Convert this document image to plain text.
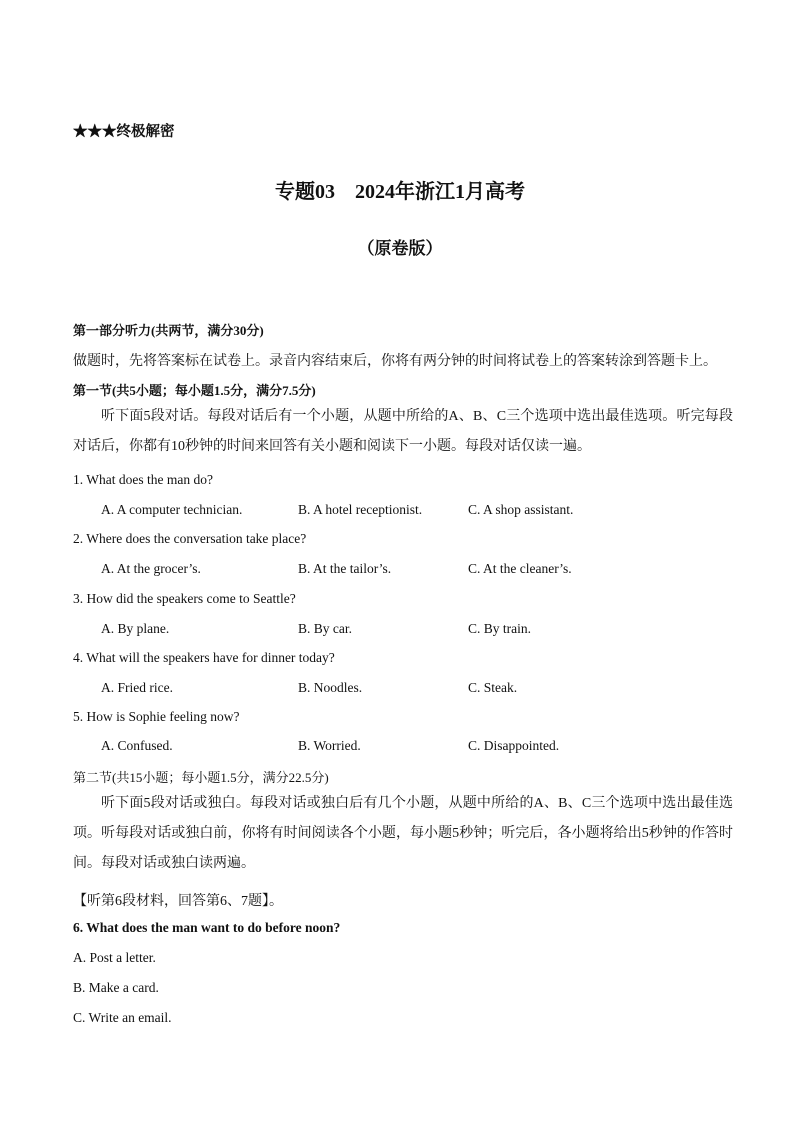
★★★终极解密
专题03　2024年浙江1月高考
（原卷版）
第一部分听力(共两节，满分30分)
做题时，先将答案标在试卷上。录音内容结束后，你将有两分钟的时间将试卷上的答案转涂到答题卡上。
第一节(共5小题；每小题1.5分，满分7.5分)
听下面5段对话。每段对话后有一个小题，从题中所给的A、B、C三个选项中选出最佳选项。听完每段对话后，你都有10秒钟的时间来回答有关小题和阅读下一小题。每段对话仅读一遍。
1. What does the man do?
A. A computer technician.	B. A hotel receptionist.	C. A shop assistant.
2. Where does the conversation take place?
A. At the grocer’s.	B. At the tailor’s.	C. At the cleaner’s.
3. How did the speakers come to Seattle?
A. By plane.	B. By car.	C. By train.
4. What will the speakers have for dinner today?
A. Fried rice.	B. Noodles.	C. Steak.
5. How is Sophie feeling now?
A. Confused.	B. Worried.	C. Disappointed.
第二节(共15小题；每小题1.5分，满分22.5分)
听下面5段对话或独白。每段对话或独白后有几个小题，从题中所给的A、B、C三个选项中选出最佳选项。听每段对话或独白前，你将有时间阅读各个小题，每小题5秒钟；听完后，各小题将给出5秒钟的作答时间。每段对话或独白读两遍。
【听第6段材料，回答第6、7题】。
6. What does the man want to do before noon?
A. Post a letter.
B. Make a card.
C. Write an email.
